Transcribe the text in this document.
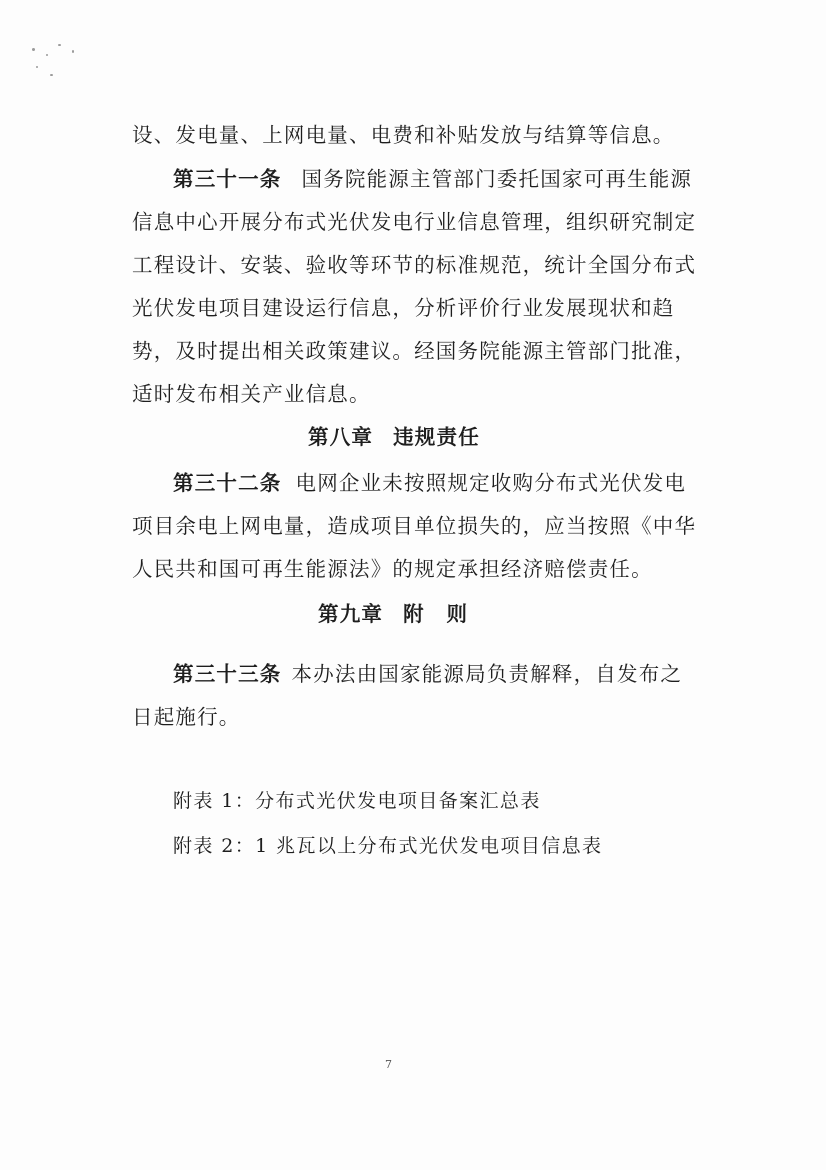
设、发电量、上网电量、电费和补贴发放与结算等信息。
第三十一条 国务院能源主管部门委托国家可再生能源
信息中心开展分布式光伏发电行业信息管理，组织研究制定
工程设计、安装、验收等环节的标准规范，统计全国分布式
光伏发电项目建设运行信息，分析评价行业发展现状和趋
势，及时提出相关政策建议。经国务院能源主管部门批准，
适时发布相关产业信息。
第八章 违规责任
第三十二条 电网企业未按照规定收购分布式光伏发电
项目余电上网电量，造成项目单位损失的，应当按照《中华
人民共和国可再生能源法》的规定承担经济赔偿责任。
第九章 附　则
第三十三条 本办法由国家能源局负责解释，自发布之
日起施行。
附表 1：分布式光伏发电项目备案汇总表
附表 2：1 兆瓦以上分布式光伏发电项目信息表
7
